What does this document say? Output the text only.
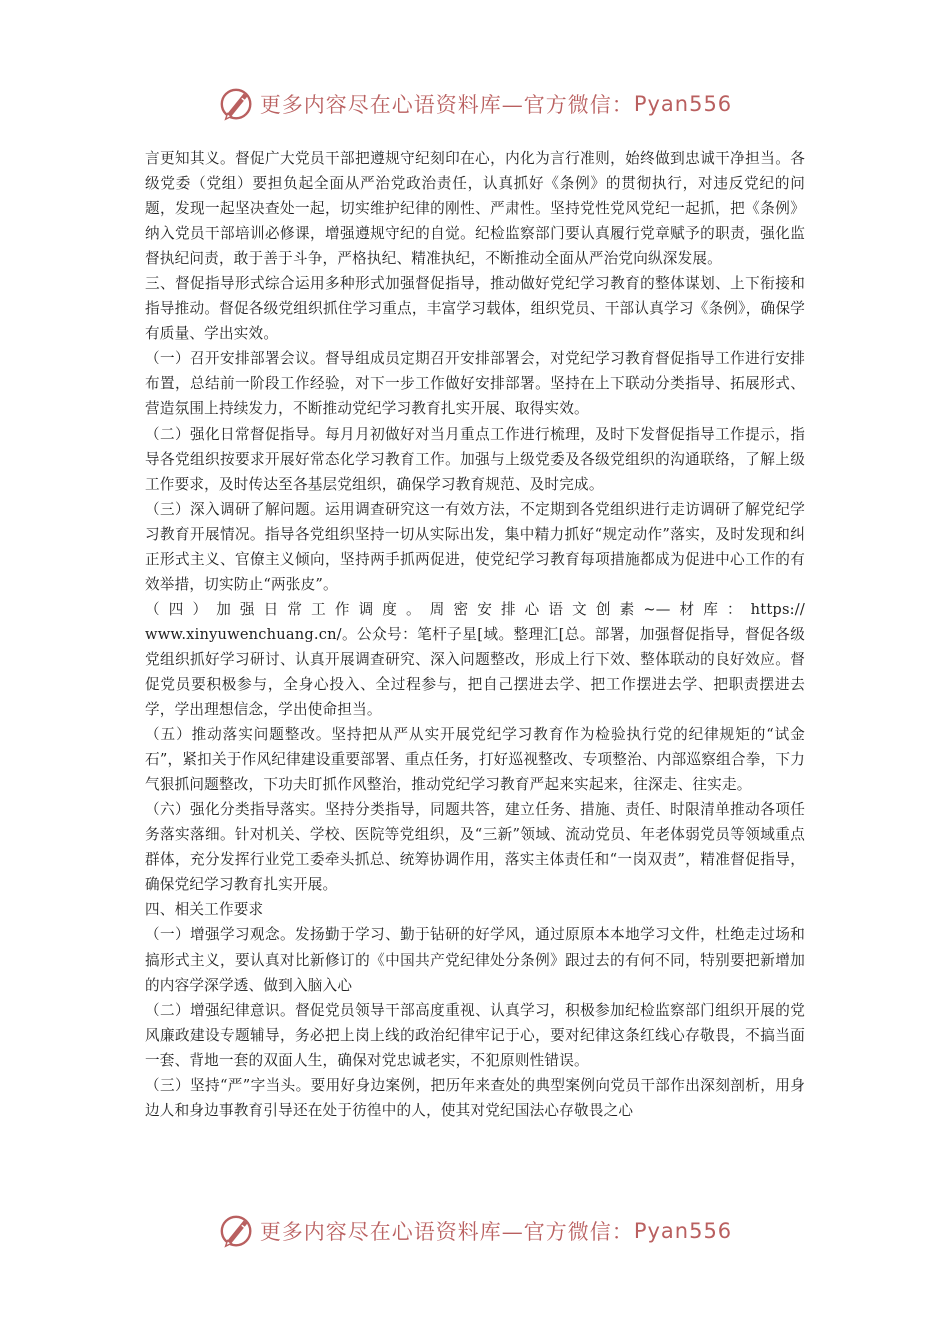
更多内容尽在心语资料库—官方微信： Pyan556

言更知其义。督促广大党员干部把遵规守纪刻印在心，内化为言行准则，始终做到忠诚干净担当。各级党委（党组）要担负起全面从严治党政治责任，认真抓好《条例》的贯彻执行，对违反党纪的问题，发现一起坚决查处一起，切实维护纪律的刚性、严肃性。坚持党性党风党纪一起抓，把《条例》纳入党员干部培训必修课，增强遵规守纪的自觉。纪检监察部门要认真履行党章赋予的职责，强化监督执纪问责，敢于善于斗争，严格执纪、精准执纪，不断推动全面从严治党向纵深发展。

三、督促指导形式综合运用多种形式加强督促指导，推动做好党纪学习教育的整体谋划、上下衔接和指导推动。督促各级党组织抓住学习重点，丰富学习载体，组织党员、干部认真学习《条例》，确保学有质量、学出实效。

（一）召开安排部署会议。督导组成员定期召开安排部署会，对党纪学习教育督促指导工作进行安排布置，总结前一阶段工作经验，对下一步工作做好安排部署。坚持在上下联动分类指导、拓展形式、营造氛围上持续发力，不断推动党纪学习教育扎实开展、取得实效。

（二）强化日常督促指导。每月月初做好对当月重点工作进行梳理，及时下发督促指导工作提示，指导各党组织按要求开展好常态化学习教育工作。加强与上级党委及各级党组织的沟通联络，了解上级工作要求，及时传达至各基层党组织，确保学习教育规范、及时完成。

（三）深入调研了解问题。运用调查研究这一有效方法，不定期到各党组织进行走访调研了解党纪学习教育开展情况。指导各党组织坚持一切从实际出发，集中精力抓好“规定动作”落实，及时发现和纠正形式主义、官僚主义倾向，坚持两手抓两促进，使党纪学习教育每项措施都成为促进中心工作的有效举措，切实防止“两张皮”。

（四）加强日常工作调度。周密安排心语文创素~—材库：https://

www.xinyuwenchuang.cn/。公众号：笔杆子星[域。整理汇[总。部署，加强督促指导，督促各级党组织抓好学习研讨、认真开展调查研究、深入问题整改，形成上行下效、整体联动的良好效应。督促党员要积极参与，全身心投入、全过程参与，把自己摆进去学、把工作摆进去学、把职责摆进去学，学出理想信念，学出使命担当。

（五）推动落实问题整改。坚持把从严从实开展党纪学习教育作为检验执行党的纪律规矩的“试金石”，紧扣关于作风纪律建设重要部署、重点任务，打好巡视整改、专项整治、内部巡察组合拳，下力气狠抓问题整改，下功夫盯抓作风整治，推动党纪学习教育严起来实起来，往深走、往实走。

（六）强化分类指导落实。坚持分类指导，同题共答，建立任务、措施、责任、时限清单推动各项任务落实落细。针对机关、学校、医院等党组织，及“三新”领域、流动党员、年老体弱党员等领域重点群体，充分发挥行业党工委牵头抓总、统筹协调作用，落实主体责任和“一岗双责”，精准督促指导，确保党纪学习教育扎实开展。

四、相关工作要求

（一）增强学习观念。发扬勤于学习、勤于钻研的好学风，通过原原本本地学习文件，杜绝走过场和搞形式主义，要认真对比新修订的《中国共产党纪律处分条例》跟过去的有何不同，特别要把新增加的内容学深学透、做到入脑入心

（二）增强纪律意识。督促党员领导干部高度重视、认真学习，积极参加纪检监察部门组织开展的党风廉政建设专题辅导，务必把上岗上线的政治纪律牢记于心，要对纪律这条红线心存敬畏，不搞当面一套、背地一套的双面人生，确保对党忠诚老实，不犯原则性错误。

（三）坚持“严”字当头。要用好身边案例，把历年来查处的典型案例向党员干部作出深刻剖析，用身边人和身边事教育引导还在处于彷徨中的人，使其对党纪国法心存敬畏之心

更多内容尽在心语资料库—官方微信： Pyan556
